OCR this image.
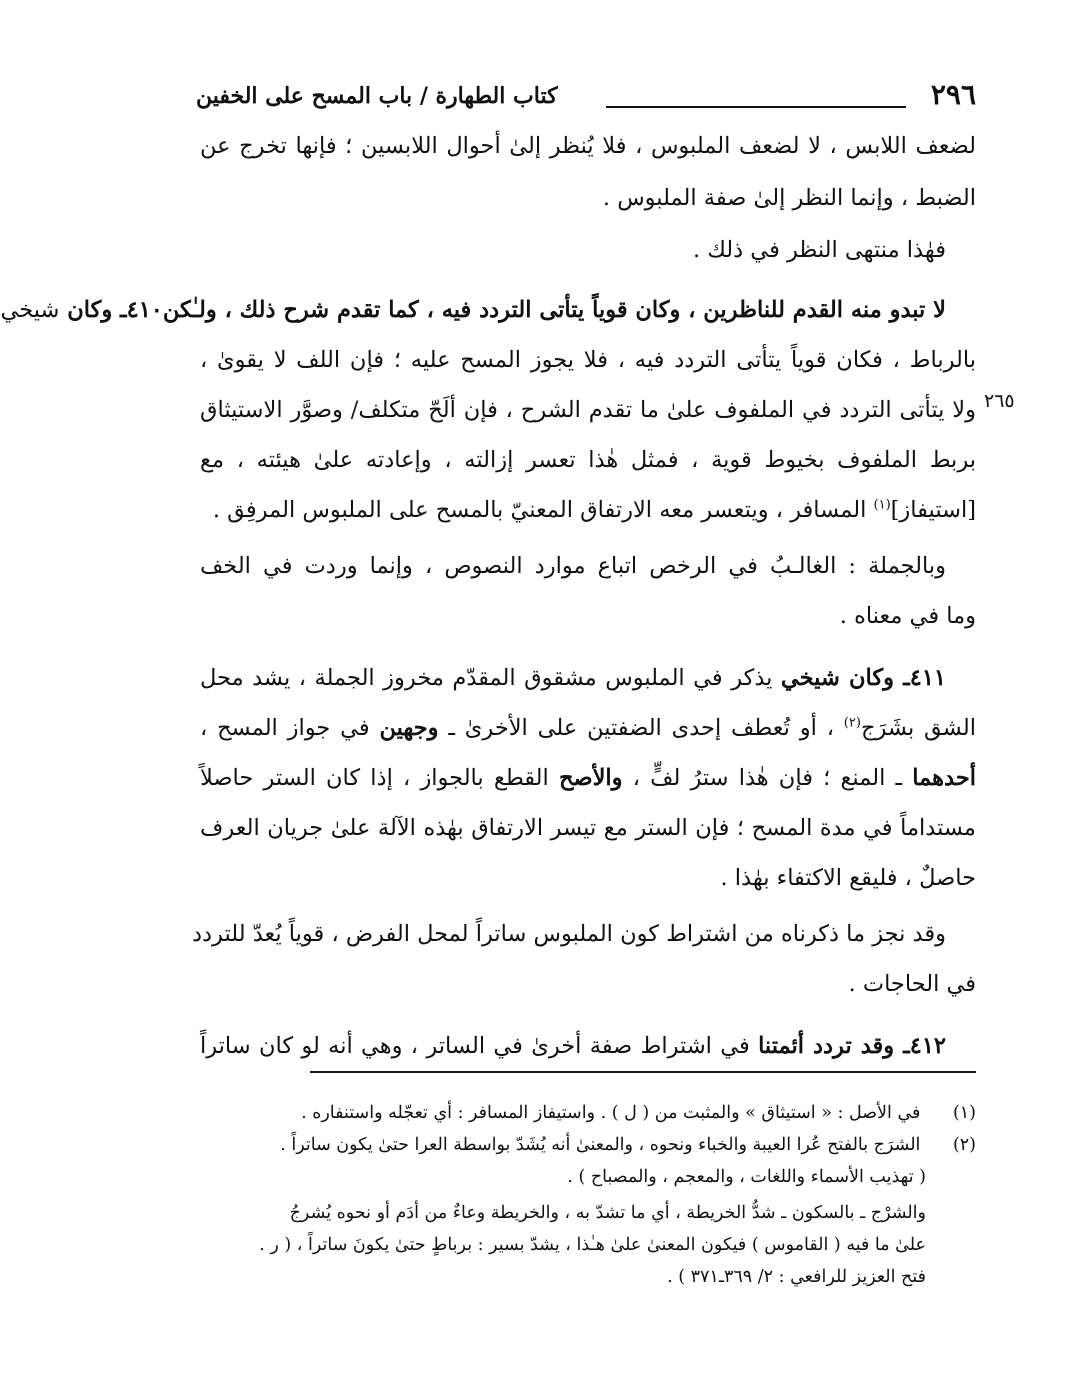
٢٩٦
كتاب الطهارة / باب المسح على الخفين
٢٦٥
لضعف اللابس ، لا لضعف الملبوس ، فلا يُنظر إلىٰ أحوال اللابسين ؛ فإنها تخرج عن
الضبط ، وإنما النظر إلىٰ صفة الملبوس .
فهٰذا منتهى النظر في ذلك .
لا تبدو منه القدم للناظرين ، وكان قوياً يتأتى التردد فيه ، كما تقدم شرح ذلك ، ولـٰكن٤١٠ـ وكان شيخي
بالرباط ، فكان قوياً يتأتى التردد فيه ، فلا يجوز المسح عليه ؛ فإن اللف لا يقوىٰ ،
ولا يتأتى التردد في الملفوف علىٰ ما تقدم الشرح ، فإن ألَحّ متكلف/ وصوَّر الاستيثاق
بربط الملفوف بخيوط قوية ، فمثل هٰذا تعسر إزالته ، وإعادته علىٰ هيئته ، مع
[استيفاز]$^{(١)}$ المسافر ، ويتعسر معه الارتفاق المعنيّ بالمسح على الملبوس المرفِق .
وبالجملة : الغالـبُ في الرخص اتباع موارد النصوص ، وإنما وردت في الخف
وما في معناه .
٤١١ـ وكان شيخي يذكر في الملبوس مشقوق المقدّم مخروز الجملة ، يشد محل
الشق بشَرَج$^{(٢)}$ ، أو تُعطف إحدى الضفتين على الأخرىٰ ـ وجهين في جواز المسح ،
أحدهما ـ المنع ؛ فإن هٰذا سترُ لفٍّ ، والأصح القطع بالجواز ، إذا كان الستر حاصلاً
مستداماً في مدة المسح ؛ فإن الستر مع تيسر الارتفاق بهٰذه الآلة علىٰ جريان العرف
حاصلٌ ، فليقع الاكتفاء بهٰذا .
وقد نجز ما ذكرناه من اشتراط كون الملبوس ساتراً لمحل الفرض ، قوياً يُعدّ للتردد
في الحاجات .
٤١٢ـ وقد تردد أئمتنا في اشتراط صفة أخرىٰ في الساتر ، وهي أنه لو كان ساتراً
(١) في الأصل : « استيثاق » والمثبت من ( ل ) . واستيفاز المسافر : أي تعجّله واستنفاره .
(٢) الشرَج بالفتح عُرا العيبة والخباء ونحوه ، والمعنىٰ أنه يُشَدّ بواسطة العرا حتىٰ يكون ساتراً .
( تهذيب الأسماء واللغات ، والمعجم ، والمصباح ) .
والشرْج ـ بالسكون ـ شدُّ الخريطة ، أي ما تشدّ به ، والخريطة وعاءٌ من أدَم أو نحوه يُشرجُ
علىٰ ما فيه ( القاموس ) فيكون المعنىٰ علىٰ هـٰذا ، يشدّ بسير : برباطٍ حتىٰ يكونَ ساتراً ، ( ر .
فتح العزيز للرافعي : ٢/ ٣٦٩ـ٣٧١ ) .
